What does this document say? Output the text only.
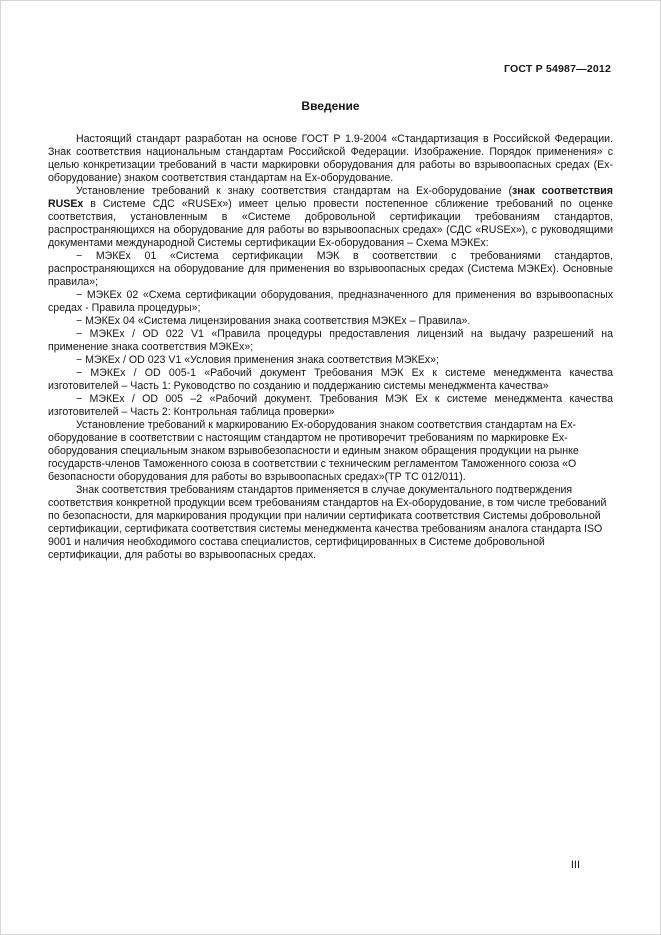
ГОСТ Р 54987—2012
Введение

Настоящий стандарт разработан на основе ГОСТ Р 1.9-2004 «Стандартизация в Российской Федерации. Знак соответствия национальным стандартам Российской Федерации. Изображение. Порядок применения» с целью конкретизации требований в части маркировки оборудования для работы во взрывоопасных средах (Ех-оборудование) знаком соответствия стандартам на Ех-оборудование.

Установление требований к знаку соответствия стандартам на Ех-оборудование (знак соответствия RUSEx в Системе СДС «RUSEx») имеет целью провести постепенное сближение требований по оценке соответствия, установленным в «Системе добровольной сертификации требованиям стандартов, распространяющихся на оборудование для работы во взрывоопасных средах» (СДС «RUSEx»), с руководящими документами международной Системы сертификации Ех-оборудования – Схема МЭКЕх:

− МЭКЕх 01 «Система сертификации МЭК в соответствии с требованиями стандартов, распространяющихся на оборудование для применения во взрывоопасных средах (Система МЭКЕх). Основные правила»;

− МЭКЕх 02 «Схема сертификации оборудования, предназначенного для применения во взрывоопасных средах - Правила процедуры»;

− МЭКЕх 04 «Система лицензирования знака соответствия МЭКЕх – Правила».

− МЭКЕх / OD 022 V1 «Правила процедуры предоставления лицензий на выдачу разрешений на применение знака соответствия МЭКЕх»;

− МЭКЕх / OD 023 V1 «Условия применения знака соответствия МЭКЕх»;

− МЭКЕх / OD 005-1 «Рабочий документ Требования МЭК Ех к системе менеджмента качества изготовителей – Часть 1: Руководство по созданию и поддержанию системы менеджмента качества»

− МЭКЕх / OD 005 –2 «Рабочий документ. Требования МЭК Ех к системе менеджмента качества изготовителей – Часть 2: Контрольная таблица проверки»

Установление требований к маркированию Ех-оборудования знаком соответствия стандартам на Ех-оборудование в соответствии с настоящим стандартом не противоречит требованиям по маркировке Ех-оборудования специальным знаком взрывобезопасности и единым знаком обращения продукции на рынке государств-членов Таможенного союза в соответствии с техническим регламентом Таможенного союза «О безопасности оборудования для работы во взрывоопасных средах»(ТР ТС 012/011).

Знак соответствия требованиям стандартов применяется в случае документального подтверждения соответствия конкретной продукции всем требованиям стандартов на Ех-оборудование, в том числе требований по безопасности, для маркирования продукции при наличии сертификата соответствия Системы добровольной сертификации, сертификата соответствия системы менеджмента качества требованиям аналога стандарта ISO 9001 и наличия необходимого состава специалистов, сертифицированных в Системе добровольной сертификации, для работы во взрывоопасных средах.

III
